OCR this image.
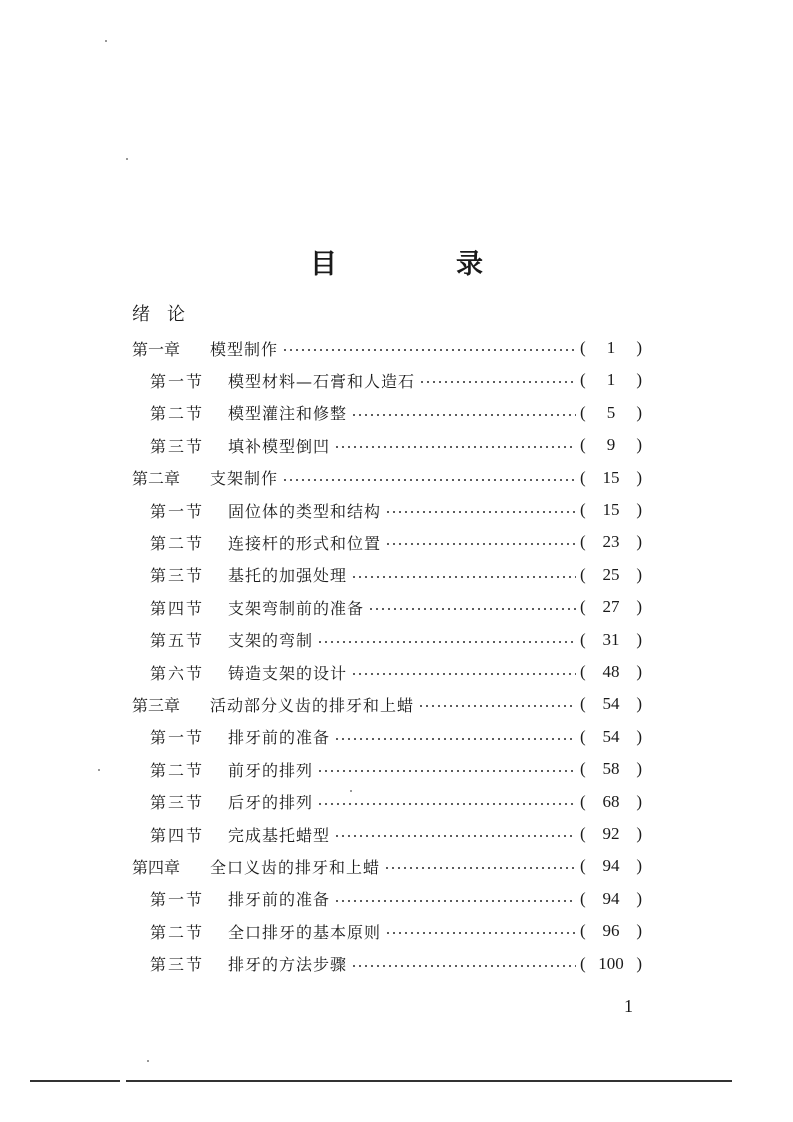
目　录
绪论
第一章	模型制作	(	1	)
第一节	模型材料—石膏和人造石	(	1	)
第二节	模型灌注和修整	(	5	)
第三节	填补模型倒凹	(	9	)
第二章	支架制作	( 15 )
第一节	固位体的类型和结构	( 15 )
第二节	连接杆的形式和位置	( 23 )
第三节	基托的加强处理	( 25 )
第四节	支架弯制前的准备	( 27 )
第五节	支架的弯制	( 31 )
第六节	铸造支架的设计	( 48 )
第三章	活动部分义齿的排牙和上蜡	( 54 )
第一节	排牙前的准备	( 54 )
第二节	前牙的排列	( 58 )
第三节	后牙的排列	( 68 )
第四节	完成基托蜡型	( 92 )
第四章	全口义齿的排牙和上蜡	( 94 )
第一节	排牙前的准备	( 94 )
第二节	全口排牙的基本原则	( 96 )
第三节	排牙的方法步骤	( 100 )
1
